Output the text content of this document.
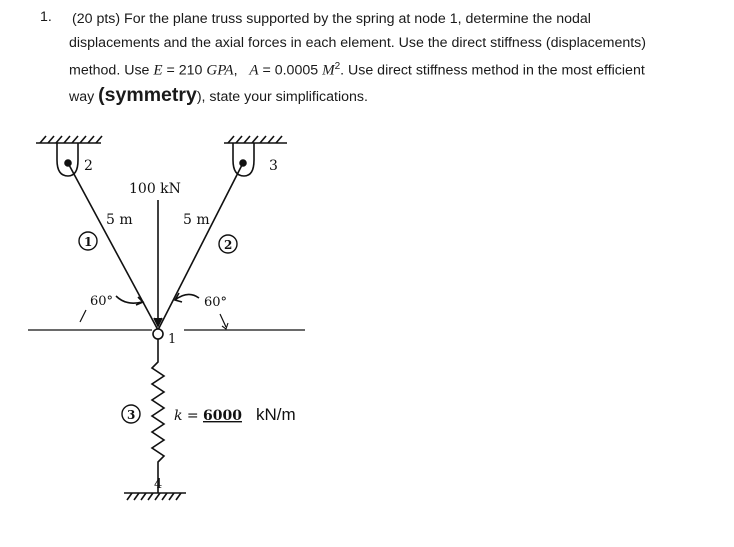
1. (20 pts) For the plane truss supported by the spring at node 1, determine the nodal
displacements and the axial forces in each element. Use the direct stiffness (displacements)
method. Use E = 210 GPA,   A = 0.0005 $M^2$. Use direct stiffness method in the most efficient
way (symmetry), state your simplifications.
2	3
100 kN
5 m	5 m
1	2
60°	60°
1
3	k = 6000 kN/m
4
